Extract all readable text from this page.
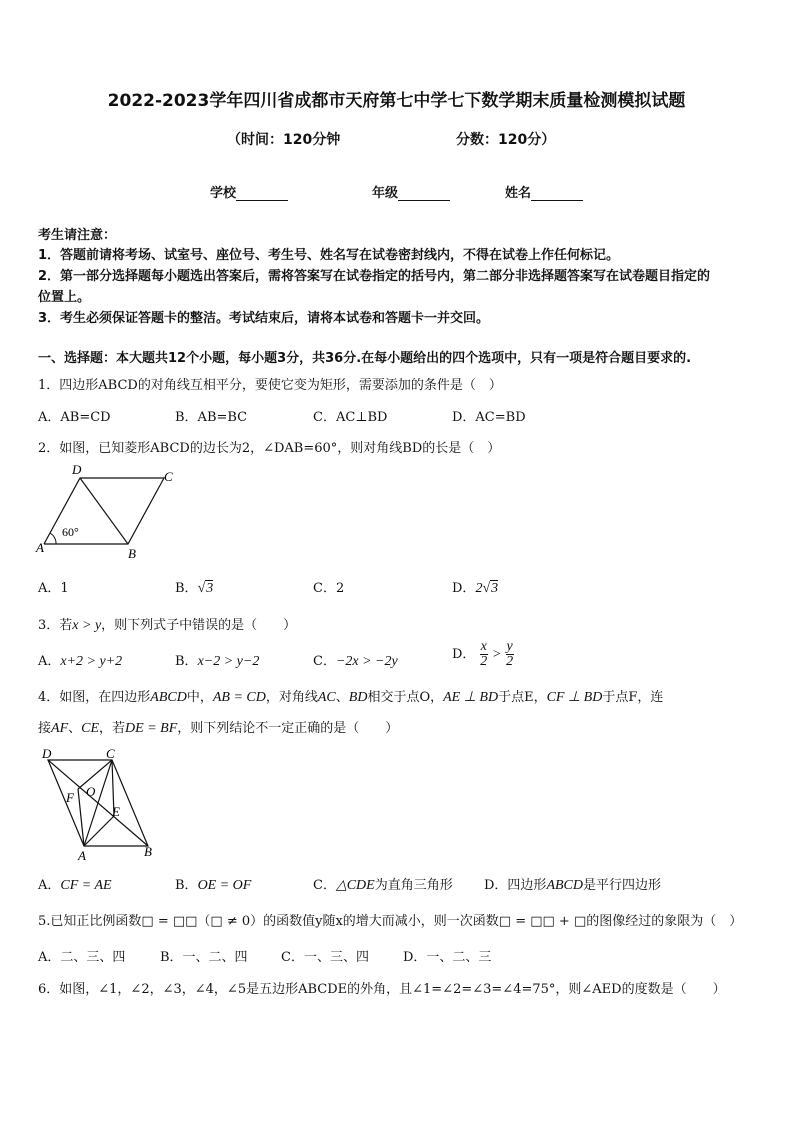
2022-2023学年四川省成都市天府第七中学七下数学期末质量检测模拟试题
（时间：120分钟	分数：120分）
学校	年级	姓名
考生请注意：
1．答题前请将考场、试室号、座位号、考生号、姓名写在试卷密封线内，不得在试卷上作任何标记。
2．第一部分选择题每小题选出答案后，需将答案写在试卷指定的括号内，第二部分非选择题答案写在试卷题目指定的
位置上。
3．考生必须保证答题卡的整洁。考试结束后，请将本试卷和答题卡一并交回。
一、选择题：本大题共12个小题，每小题3分，共36分.在每小题给出的四个选项中，只有一项是符合题目要求的.
1．四边形ABCD的对角线互相平分，要使它变为矩形，需要添加的条件是（　）
A．AB=CD	B．AB=BC	C．AC⊥BD	D．AC=BD
2．如图，已知菱形ABCD的边长为2，∠DAB=60°，则对角线BD的长是（　）
A	B
C
D
60°
A．1	B．√3	C．2	D．2√3
3．若x > y，则下列式子中错误的是（　　）
A．x+2 > y+2	B．x−2 > y−2	C．−2x > −2y	D． $\frac{x}{2} > \frac{y}{2}$
4．如图，在四边形ABCD中，AB = CD，对角线AC、BD相交于点O，AE ⊥ BD于点E，CF ⊥ BD于点F，连
接AF、CE，若DE = BF，则下列结论不一定正确的是（　　）
D	C
A	B
O
F
E
A．CF = AE	B．OE = OF	C．△CDE为直角三角形 D．四边形ABCD是平行四边形
5.已知正比例函数□ = □□（□ ≠ 0）的函数值y随x的增大而减小，则一次函数□ = □□ + □的图像经过的象限为（　）
A．二、三、四	B．一、二、四	C．一、三、四	D．一、二、三
6．如图，∠1，∠2，∠3，∠4，∠5是五边形ABCDE的外角，且∠1=∠2=∠3=∠4=75°，则∠AED的度数是（　　）
